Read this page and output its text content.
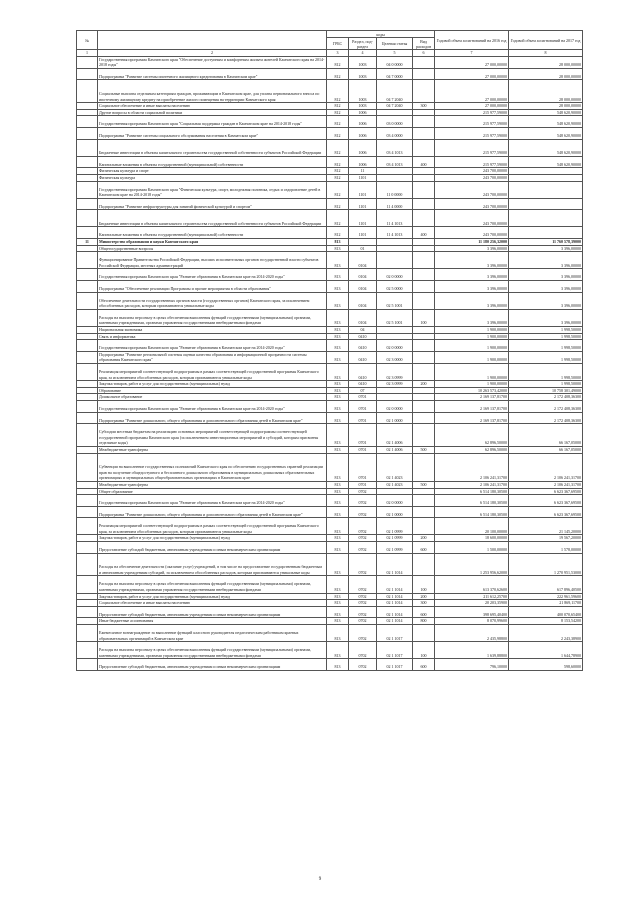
№		коды				Годовой объем ассигнований на 2016 год	Годовой объем ассигнований на 2017 год
		ГРБС	Раздел, под-раздел	Целевая статья	Вид расходов		
1	2	3	4	5	6	7	8
	Государственная программа Камчатского края "Обеспечение доступным и комфортным жильем жителей Камчатского края на 2014-2018 годы"	812	1003	04 0 0000		27 000,00000	28 000,00000
	Подпрограмма "Развитие системы ипотечного жилищного кредитования в Камчатском крае"	812	1003	04 7 0000		27 000,00000	28 000,00000
	Социальные выплаты отдельным категориям граждан, проживающим в Камчатском крае, для уплаты первоначального взноса по ипотечному жилищному кредиту на приобретение жилого помещения на территории Камчатского края	812	1003	04 7 2040		27 000,00000	28 000,00000
	Социальное обеспечение и иные выплаты населению	812	1003	04 7 2040	300	27 000,00000	28 000,00000
	Другие вопросы в области социальной политики	812	1006			215 977,59000	548 620,90000
	Государственная программа Камчатского края "Социальная поддержка граждан в Камчатском крае на 2014-2018 годы"	812	1006	03 0 0000		215 977,59000	548 620,90000
	Подпрограмма "Развитие системы социального обслуживания населения в Камчатском крае"	812	1006	03 4 0000		215 977,59000	548 620,90000
	Бюджетные инвестиции в объекты капитального строительства государственной собственности субъектов Российской Федерации	812	1006	03 4 1013		215 977,59000	548 620,90000
	Капитальные вложения в объекты государственной (муниципальной) собственности	812	1006	03 4 1013	400	215 977,59000	548 620,90000
	Физическая культура и спорт	812	11			243 700,00000	
	Физическая культура	812	1101			243 700,00000	
	Государственная программа Камчатского края "Физическая культура, спорт, молодежная политика, отдых и оздоровление детей в Камчатском крае на 2014-2018 годы"	812	1101	11 0 0000		243 700,00000	
	Подпрограмма "Развитие инфраструктуры для занятий физической культурой и спортом"	812	1101	11 4 0000		243 700,00000	
	Бюджетные инвестиции в объекты капитального строительства государственной собственности субъектов Российской Федерации	812	1101	11 4 1013		243 700,00000	
	Капитальные вложения в объекты государственной (муниципальной) собственности	812	1101	11 4 1013	400	243 700,00000	
11	Министерство образования и науки Камчатского края	813				11 180 256,32000	11 760 578,39000
	Общегосударственные вопросы	813	01			3 396,00000	3 396,00000
	Функционирование Правительства Российской Федерации, высших исполнительных органов государственной власти субъектов Российской Федерации, местных администраций	813	0104			3 396,00000	3 396,00000
	Государственная программа Камчатского края "Развитие образования в Камчатском крае на 2014-2020 годы"	813	0104	02 0 0000		3 396,00000	3 396,00000
	Подпрограмма "Обеспечение реализации Программы и прочие мероприятия в области образования"	813	0104	02 5 0000		3 396,00000	3 396,00000
	Обеспечение деятельности государственных органов власти (государственных органов) Камчатского края, за исключением обособленных расходов, которым присваиваются уникальные коды	813	0104	02 5 1001		3 396,00000	3 396,00000
	Расходы на выплаты персоналу в целях обеспечения выполнения функций государственными (муниципальными) органами, казенными учреждениями, органами управления государственными внебюджетными фондами	813	0104	02 5 1001	100	3 396,00000	3 396,00000
	Национальная экономика	813	04			1 900,00000	1 998,50000
	Связь и информатика	813	0410			1 900,00000	1 998,50000
	Государственная программа Камчатского края "Развитие образования в Камчатском крае на 2014-2020 годы"	813	0410	02 0 0000		1 900,00000	1 998,50000
	Подпрограмма "Развитие региональной системы оценки качества образования и информационной прозрачности системы образования Камчатского края"	813	0410	02 3 0000		1 900,00000	1 998,50000
	Реализация мероприятий соответствующей подпрограммы в рамках соответствующей государственной программы Камчатского края, за исключением обособленных расходов, которым присваиваются уникальные коды	813	0410	02 3 0999		1 900,00000	1 998,50000
	Закупка товаров, работ и услуг для государственных (муниципальных) нужд	813	0410	02 3 0999	200	1 900,00000	1 998,50000
	Образование	813	07			10 263 573,42000	10 758 301,49000
	Дошкольное образование	813	0701			2 169 137,81700	2 172 408,36300
	Государственная программа Камчатского края "Развитие образования в Камчатском крае на 2014-2020 годы"	813	0701	02 0 0000		2 169 137,81700	2 172 408,36300
	Подпрограмма "Развитие дошкольного, общего образования и дополнительного образования детей в Камчатском крае"	813	0701	02 1 0000		2 169 137,81700	2 172 408,36300
	Субсидии местным бюджетам на реализацию основных мероприятий соответствующей подпрограммы соответствующей государственной программы Камчатского края (за исключением инвестиционных мероприятий и субсидий, которым присвоены отдельные коды)	813	0701	02 1 4006		62 896,50000	66 167,05000
	Межбюджетные трансферты	813	0701	02 1 4006	500	62 896,50000	66 167,05000
	Субвенции на выполнение государственных полномочий Камчатского края по обеспечению государственных гарантий реализации прав на получение общедоступного и бесплатного дошкольного образования в муниципальных дошкольных образовательных организациях и муниципальных общеобразовательных организациях в Камчатском крае	813	0701	02 1 4023		2 106 241,31700	2 106 241,31700
	Межбюджетные трансферты	813	0701	02 1 4023	500	2 106 241,31700	2 106 241,31700
	Общее образование	813	0702			6 514 180,30500	6 623 367,69500
	Государственная программа Камчатского края "Развитие образования в Камчатском крае на 2014-2020 годы"	813	0702	02 0 0000		6 514 180,30500	6 623 367,69500
	Подпрограмма "Развитие дошкольного, общего образования и дополнительного образования детей в Камчатском крае"	813	0702	02 1 0000		6 514 180,30500	6 623 367,69500
	Реализация мероприятий соответствующей подпрограммы в рамках соответствующей государственной программы Камчатского края, за исключением обособленных расходов, которым присваиваются уникальные коды	813	0702	02 1 0999		20 100,00000	21 145,20000
	Закупка товаров, работ и услуг для государственных (муниципальных) нужд	813	0702	02 1 0999	200	18 600,00000	19 567,20000
	Предоставление субсидий бюджетным, автономным учреждениям и иным некоммерческим организациям	813	0702	02 1 0999	600	1 500,00000	1 578,00000
	Расходы на обеспечение деятельности (оказание услуг) учреждений, в том числе на предоставление государственным бюджетным и автономным учреждениям субсидий, за исключением обособленных расходов, которым присваиваются уникальные коды	813	0702	02 1 1014		1 253 956,62000	1 270 951,53000
	Расходы на выплаты персоналу в целях обеспечения выполнения функций государственными (муниципальными) органами, казенными учреждениями, органами управления государственными внебюджетными фондами	813	0702	02 1 1014	100	613 370,62600	617 896,40500
	Закупка товаров, работ и услуг для государственных (муниципальных) нужд	813	0702	02 1 1014	200	211 612,25700	222 961,59600
	Социальное обеспечение и иные выплаты населению	813	0702	02 1 1014	300	20 203,35900	21 869,11700
	Предоставление субсидий бюджетным, автономным учреждениям и иным некоммерческим организациям	813	0702	02 1 1014	600	398 695,40400	400 070,65400
	Иные бюджетные ассигнования	813	0702	02 1 1014	800	8 070,99600	8 153,54200
	Ежемесячное вознаграждение за выполнение функций классного руководителя педагогическим работникам краевых образовательных организаций в Камчатском крае	813	0702	02 1 1017		2 435,98800	2 243,38900
	Расходы на выплаты персоналу в целях обеспечения выполнения функций государственными (муниципальными) органами, казенными учреждениями, органами управления государственными внебюджетными фондами	813	0702	02 1 1017	100	1 639,88800	1 644,78900
	Предоставление субсидий бюджетным, автономным учреждениям и иным некоммерческим организациям	813	0702	02 1 1017	600	796,10000	598,60000
9
